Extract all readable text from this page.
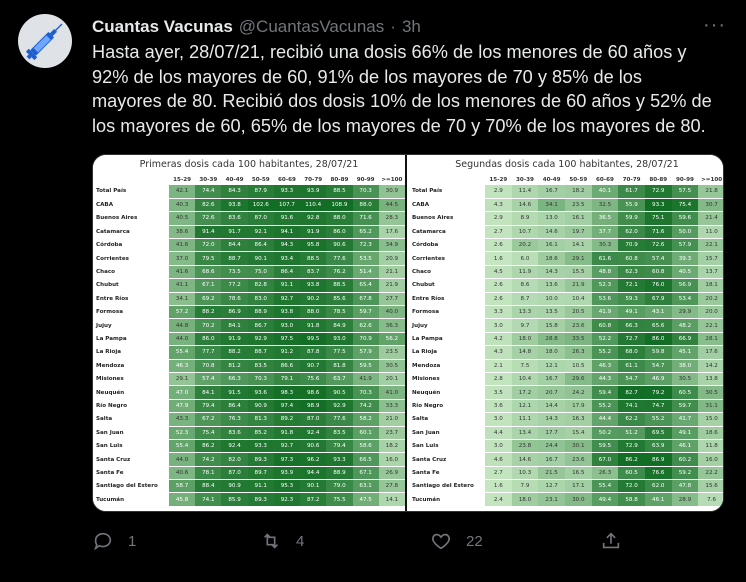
Cuantas Vacunas @CuantasVacunas · 3h	···
Hasta ayer, 28/07/21, recibió una dosis 66% de los menores de 60 años y 92% de los mayores de 60, 91% de los mayores de 70 y 85% de los mayores de 80. Recibió dos dosis 10% de los menores de 60 años y 52% de los mayores de 60, 65% de los mayores de 70 y 70% de los mayores de 80.
Primeras dosis cada 100 habitantes, 28/07/21
	15-29	30-39	40-49	50-59	60-69	70-79	80-89	90-99	>=100
Total País	42.1	74.4	84.3	87.9	93.3	93.9	88.5	70.3	30.9
CABA	40.3	82.6	93.8	102.6	107.7	110.4	108.9	88.0	44.5
Buenos Aires	40.5	72.6	83.6	87.0	91.6	92.8	88.0	71.6	28.3
Catamarca	38.6	91.4	91.7	92.1	94.1	91.9	86.0	65.2	17.6
Córdoba	41.6	72.0	84.4	86.4	94.3	95.8	90.6	72.3	34.9
Corrientes	37.0	79.5	88.7	90.1	93.4	88.5	77.6	53.5	20.9
Chaco	41.6	68.6	73.5	75.0	86.4	83.7	76.2	51.4	21.1
Chubut	41.1	67.1	77.2	82.8	91.1	93.8	88.5	65.4	21.9
Entre Ríos	34.1	69.2	78.6	83.0	92.7	90.2	85.6	67.8	27.7
Formosa	57.2	88.2	86.9	88.9	93.8	88.0	78.5	59.7	40.0
Jujuy	44.8	70.2	84.1	86.7	93.0	91.8	84.9	62.6	36.3
La Pampa	44.0	86.0	91.9	92.9	97.5	99.5	93.0	70.9	56.2
La Rioja	55.4	77.7	88.2	88.7	91.2	87.8	77.5	57.9	23.5
Mendoza	46.3	70.8	81.2	83.5	86.6	90.7	81.8	59.5	30.5
Misiones	29.1	57.4	66.3	70.3	79.1	75.6	63.7	41.9	20.1
Neuquén	47.0	84.1	91.5	93.6	98.3	98.6	90.5	70.3	41.0
Río Negro	47.9	79.4	86.4	90.9	97.4	98.9	92.9	74.2	33.3
Salta	43.3	67.2	76.3	81.3	89.2	87.0	77.6	58.2	21.0
San Juan	52.3	75.4	83.6	85.2	91.8	92.4	83.5	60.1	23.7
San Luis	55.4	86.2	92.4	93.3	92.7	90.6	79.4	58.6	18.2
Santa Cruz	44.0	74.2	82.0	89.3	97.3	96.2	93.3	66.5	16.0
Santa Fe	40.6	78.1	87.0	89.7	93.9	94.4	88.9	67.1	26.9
Santiago del Estero	58.7	88.4	90.9	91.1	95.3	90.1	79.0	63.1	27.8
Tucumán	45.8	74.1	85.9	89.3	92.3	87.2	75.5	47.5	14.1
Segundas dosis cada 100 habitantes, 28/07/21
	15-29	30-39	40-49	50-59	60-69	70-79	80-89	90-99	>=100
Total País	2.9	11.4	16.7	18.2	40.1	61.7	72.9	57.5	21.8
CABA	4.3	14.6	34.1	23.5	32.5	55.9	93.3	75.4	30.7
Buenos Aires	2.9	8.9	13.0	16.1	36.5	59.9	75.1	59.6	21.4
Catamarca	2.7	10.7	14.6	19.7	37.7	62.0	71.6	50.0	11.0
Córdoba	2.6	20.2	16.1	14.1	30.3	70.9	72.6	57.9	22.1
Corrientes	1.6	6.0	18.6	29.1	61.6	60.8	57.4	39.3	15.7
Chaco	4.5	11.9	14.3	15.5	48.8	62.3	60.8	40.5	13.7
Chubut	2.6	8.6	13.6	21.9	52.3	72.1	76.0	56.9	18.1
Entre Ríos	2.6	8.7	10.0	10.4	53.6	59.3	67.9	53.4	20.2
Formosa	3.3	13.3	13.5	20.5	41.9	49.1	43.1	29.9	20.0
Jujuy	3.0	9.7	15.8	23.6	60.8	66.3	65.6	48.2	22.1
La Pampa	4.2	18.0	28.8	33.5	52.2	72.7	86.0	66.9	28.1
La Rioja	4.3	14.8	18.0	26.3	55.2	68.0	59.8	45.1	17.6
Mendoza	2.1	7.5	12.1	10.5	46.3	61.1	54.7	38.0	14.2
Misiones	2.8	10.4	16.7	29.6	44.3	54.7	46.9	30.5	13.8
Neuquén	3.5	17.2	20.7	24.2	59.4	82.7	79.2	60.5	30.5
Río Negro	3.6	12.1	14.4	17.9	55.2	74.1	74.7	59.7	31.1
Salta	3.0	11.1	14.3	16.3	44.4	62.2	55.2	41.7	15.0
San Juan	4.4	13.4	17.7	15.4	50.2	51.2	69.5	49.1	18.6
San Luis	3.0	23.8	24.4	30.1	59.5	72.9	63.9	46.1	11.8
Santa Cruz	4.6	14.6	16.7	23.6	67.0	86.2	86.9	60.2	16.0
Santa Fe	2.7	10.3	21.5	16.5	26.3	60.5	76.6	59.2	22.2
Santiago del Estero	1.6	7.9	12.7	17.1	55.4	72.0	62.0	47.8	15.6
Tucumán	2.4	18.0	23.1	30.0	49.4	58.8	46.1	28.9	7.6
1	4	22
